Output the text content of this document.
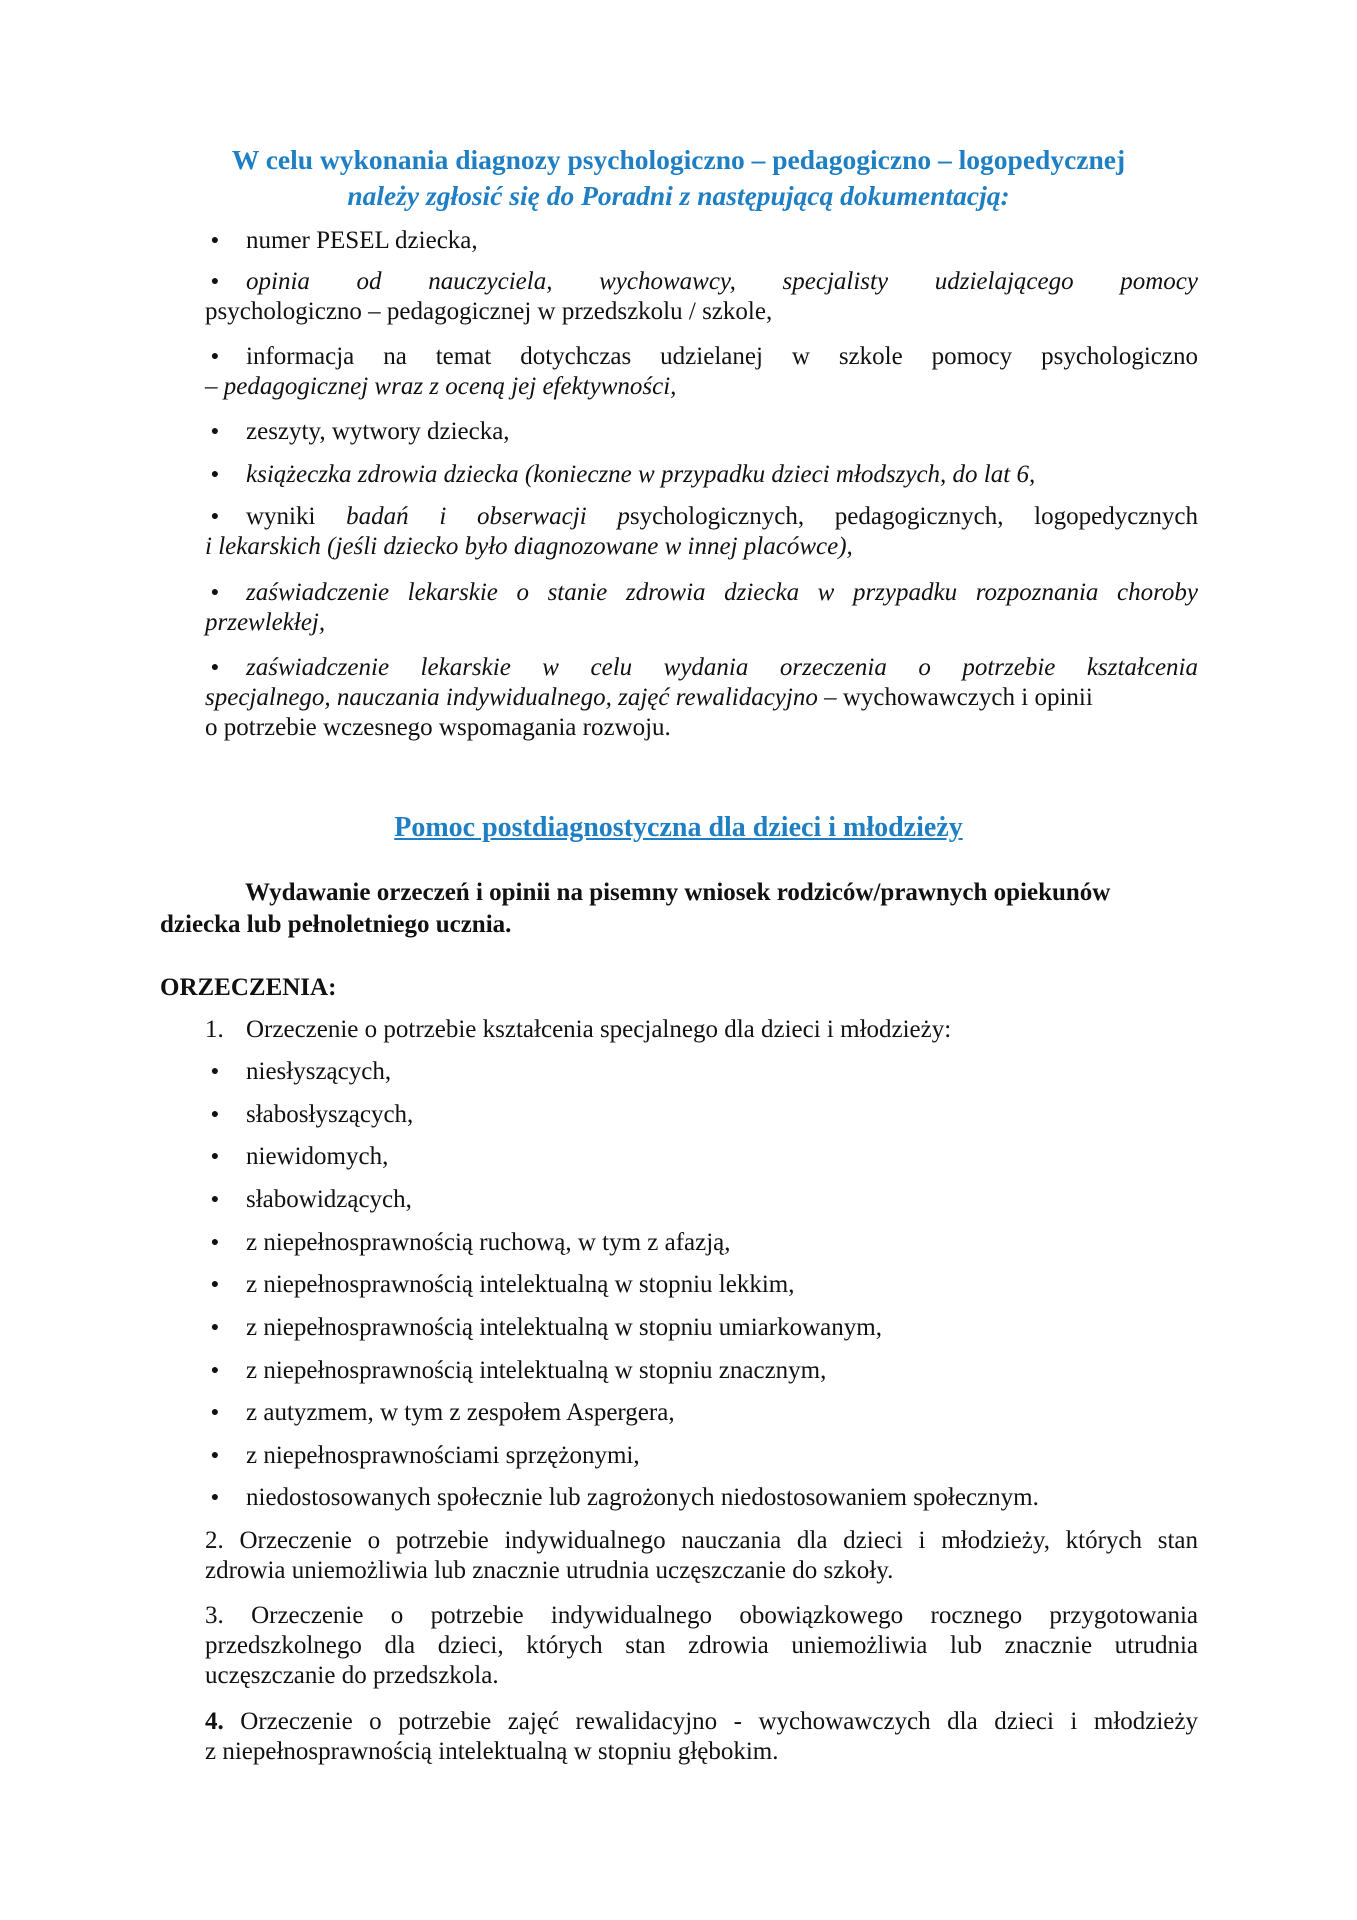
W celu wykonania diagnozy psychologiczno – pedagogiczno – logopedycznej
należy zgłosić się do Poradni z następującą dokumentacją:
● numer PESEL dziecka,
● opinia od nauczyciela, wychowawcy, specjalisty udzielającego pomocy
psychologiczno – pedagogicznej w przedszkolu / szkole,
● informacja na temat dotychczas udzielanej w szkole pomocy psychologiczno
– pedagogicznej wraz z oceną jej efektywności,
● zeszyty, wytwory dziecka,
● książeczka zdrowia dziecka (konieczne w przypadku dzieci młodszych, do lat 6,
● wyniki badań i obserwacji psychologicznych, pedagogicznych, logopedycznych
i lekarskich (jeśli dziecko było diagnozowane w innej placówce),
● zaświadczenie lekarskie o stanie zdrowia dziecka w przypadku rozpoznania choroby
przewlekłej,
● zaświadczenie lekarskie w celu wydania orzeczenia o potrzebie kształcenia
specjalnego, nauczania indywidualnego, zajęć rewalidacyjno – wychowawczych i opinii
o potrzebie wczesnego wspomagania rozwoju.
Pomoc postdiagnostyczna dla dzieci i młodzieży
Wydawanie orzeczeń i opinii na pisemny wniosek rodziców/prawnych opiekunów
dziecka lub pełnoletniego ucznia.
ORZECZENIA:
1. Orzeczenie o potrzebie kształcenia specjalnego dla dzieci i młodzieży:
● niesłyszących,
● słabosłyszących,
● niewidomych,
● słabowidzących,
● z niepełnosprawnością ruchową, w tym z afazją,
● z niepełnosprawnością intelektualną w stopniu lekkim,
● z niepełnosprawnością intelektualną w stopniu umiarkowanym,
● z niepełnosprawnością intelektualną w stopniu znacznym,
● z autyzmem, w tym z zespołem Aspergera,
● z niepełnosprawnościami sprzężonymi,
● niedostosowanych społecznie lub zagrożonych niedostosowaniem społecznym.
2. Orzeczenie o potrzebie indywidualnego nauczania dla dzieci i młodzieży, których stan
zdrowia uniemożliwia lub znacznie utrudnia uczęszczanie do szkoły.
3. Orzeczenie o potrzebie indywidualnego obowiązkowego rocznego przygotowania
przedszkolnego dla dzieci, których stan zdrowia uniemożliwia lub znacznie utrudnia
uczęszczanie do przedszkola.
4. Orzeczenie o potrzebie zajęć rewalidacyjno - wychowawczych dla dzieci i młodzieży
z niepełnosprawnością intelektualną w stopniu głębokim.
